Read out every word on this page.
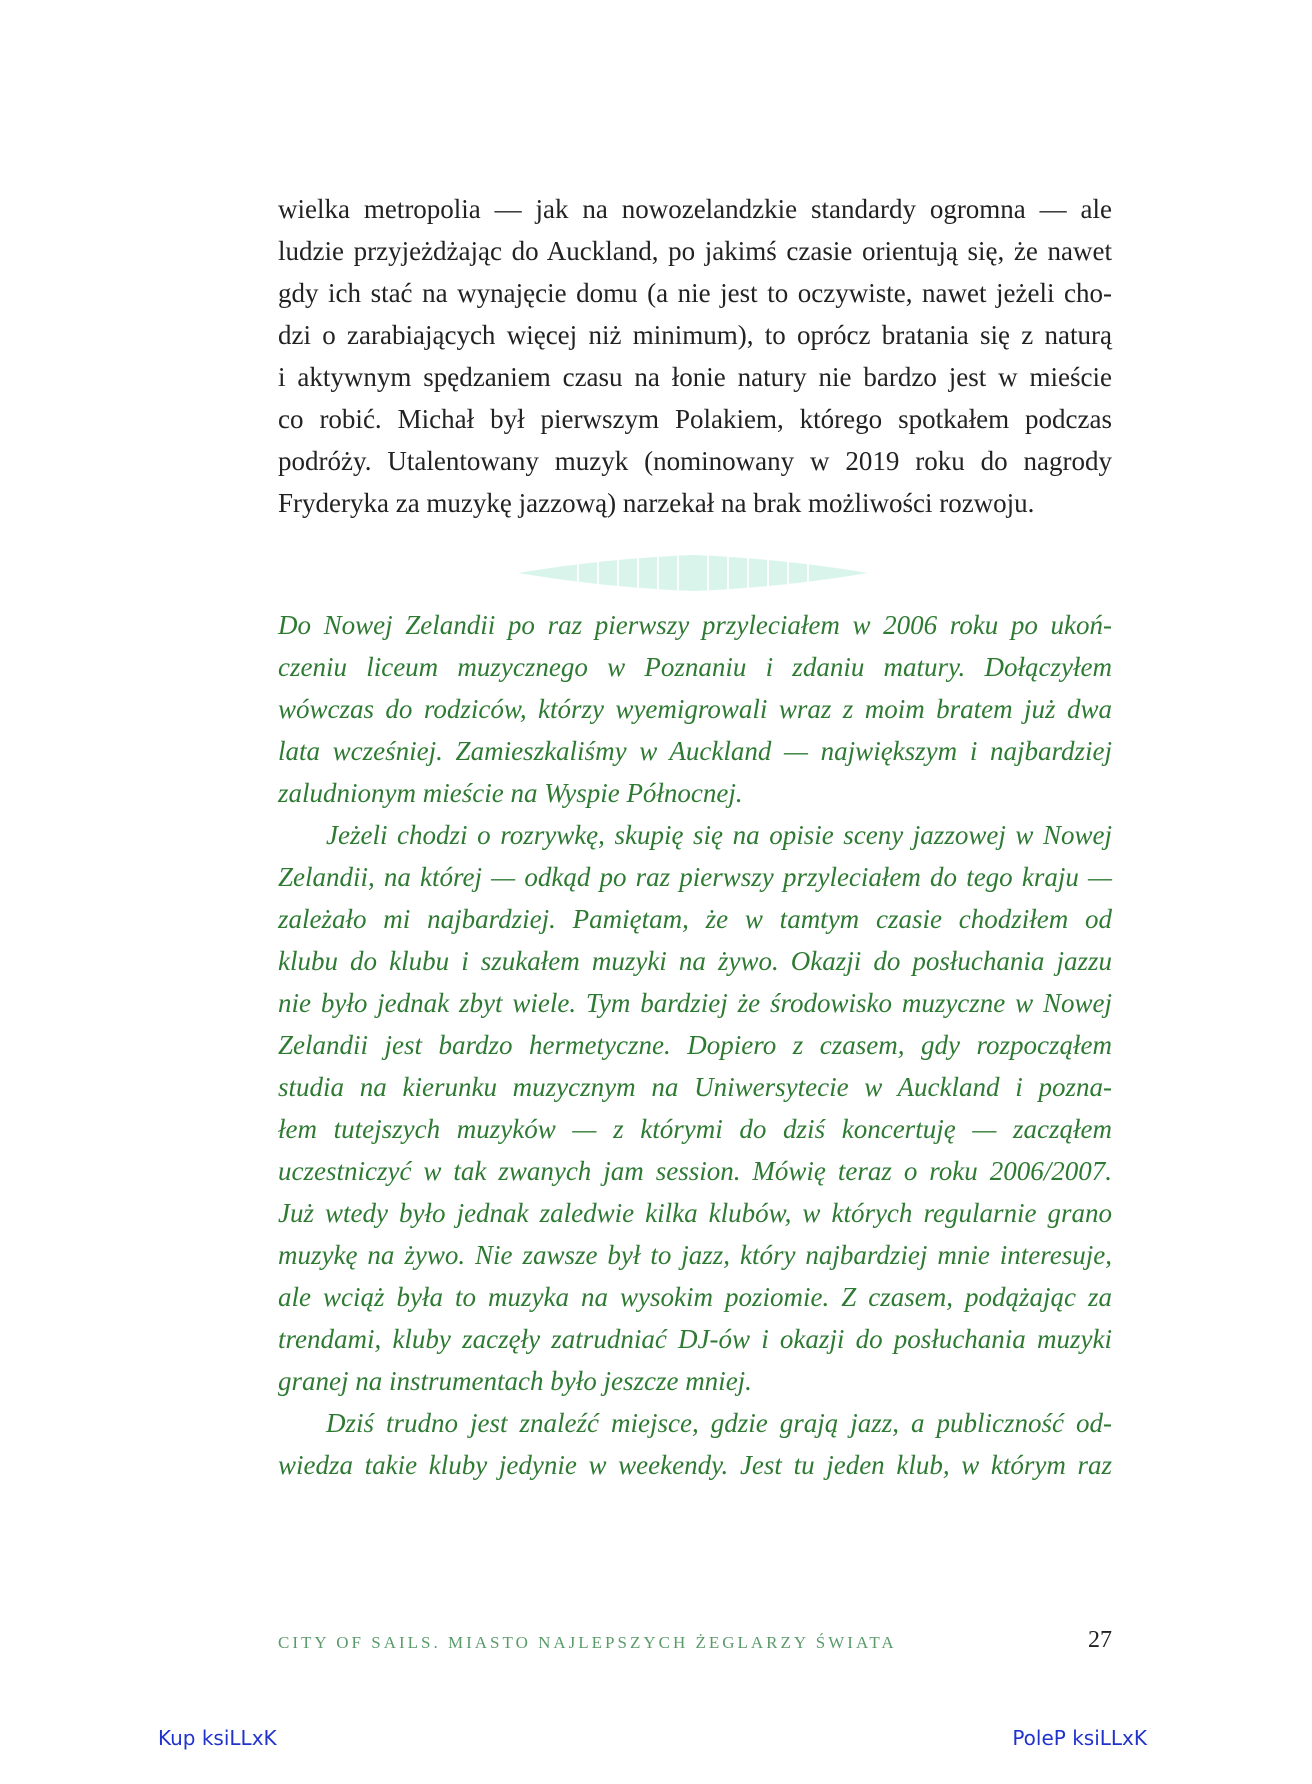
wielka metropolia — jak na nowozelandzkie standardy ogromna — ale
ludzie przyjeżdżając do Auckland, po jakimś czasie orientują się, że nawet
gdy ich stać na wynajęcie domu (a nie jest to oczywiste, nawet jeżeli cho-
dzi o zarabiających więcej niż minimum), to oprócz bratania się z naturą
i aktywnym spędzaniem czasu na łonie natury nie bardzo jest w mieście
co robić. Michał był pierwszym Polakiem, którego spotkałem podczas
podróży. Utalentowany muzyk (nominowany w 2019 roku do nagrody
Fryderyka za muzykę jazzową) narzekał na brak możliwości rozwoju.
Do Nowej Zelandii po raz pierwszy przyleciałem w 2006 roku po ukoń-
czeniu liceum muzycznego w Poznaniu i zdaniu matury. Dołączyłem
wówczas do rodziców, którzy wyemigrowali wraz z moim bratem już dwa
lata wcześniej. Zamieszkaliśmy w Auckland — największym i najbardziej
zaludnionym mieście na Wyspie Północnej.
Jeżeli chodzi o rozrywkę, skupię się na opisie sceny jazzowej w Nowej
Zelandii, na której — odkąd po raz pierwszy przyleciałem do tego kraju —
zależało mi najbardziej. Pamiętam, że w tamtym czasie chodziłem od
klubu do klubu i szukałem muzyki na żywo. Okazji do posłuchania jazzu
nie było jednak zbyt wiele. Tym bardziej że środowisko muzyczne w Nowej
Zelandii jest bardzo hermetyczne. Dopiero z czasem, gdy rozpocząłem
studia na kierunku muzycznym na Uniwersytecie w Auckland i pozna-
łem tutejszych muzyków — z którymi do dziś koncertuję — zacząłem
uczestniczyć w tak zwanych jam session. Mówię teraz o roku 2006/2007.
Już wtedy było jednak zaledwie kilka klubów, w których regularnie grano
muzykę na żywo. Nie zawsze był to jazz, który najbardziej mnie interesuje,
ale wciąż była to muzyka na wysokim poziomie. Z czasem, podążając za
trendami, kluby zaczęły zatrudniać DJ-ów i okazji do posłuchania muzyki
granej na instrumentach było jeszcze mniej.
Dziś trudno jest znaleźć miejsce, gdzie grają jazz, a publiczność od-
wiedza takie kluby jedynie w weekendy. Jest tu jeden klub, w którym raz
CITY OF SAILS. MIASTO NAJLEPSZYCH ŻEGLARZY ŚWIATA	27
Kup ksiLLxK	PoleP ksiLLxK
